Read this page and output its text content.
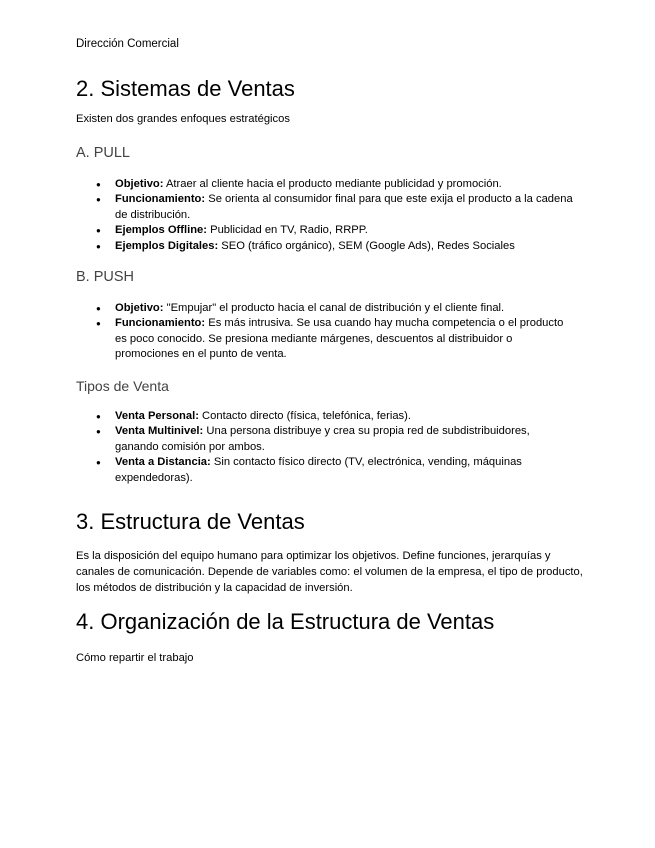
Dirección Comercial
2. Sistemas de Ventas

Existen dos grandes enfoques estratégicos

A. PULL
● Objetivo: Atraer al cliente hacia el producto mediante publicidad y promoción.
● Funcionamiento: Se orienta al consumidor final para que este exija el producto a la cadena de distribución.
● Ejemplos Offline: Publicidad en TV, Radio, RRPP.
● Ejemplos Digitales: SEO (tráfico orgánico), SEM (Google Ads), Redes Sociales
B. PUSH
● Objetivo: "Empujar" el producto hacia el canal de distribución y el cliente final.
● Funcionamiento: Es más intrusiva. Se usa cuando hay mucha competencia o el producto es poco conocido. Se presiona mediante márgenes, descuentos al distribuidor o promociones en el punto de venta.
Tipos de Venta
● Venta Personal: Contacto directo (física, telefónica, ferias).
● Venta Multinivel: Una persona distribuye y crea su propia red de subdistribuidores, ganando comisión por ambos.
● Venta a Distancia: Sin contacto físico directo (TV, electrónica, vending, máquinas expendedoras).
3. Estructura de Ventas

Es la disposición del equipo humano para optimizar los objetivos. Define funciones, jerarquías y canales de comunicación. Depende de variables como: el volumen de la empresa, el tipo de producto, los métodos de distribución y la capacidad de inversión.

4. Organización de la Estructura de Ventas

Cómo repartir el trabajo
